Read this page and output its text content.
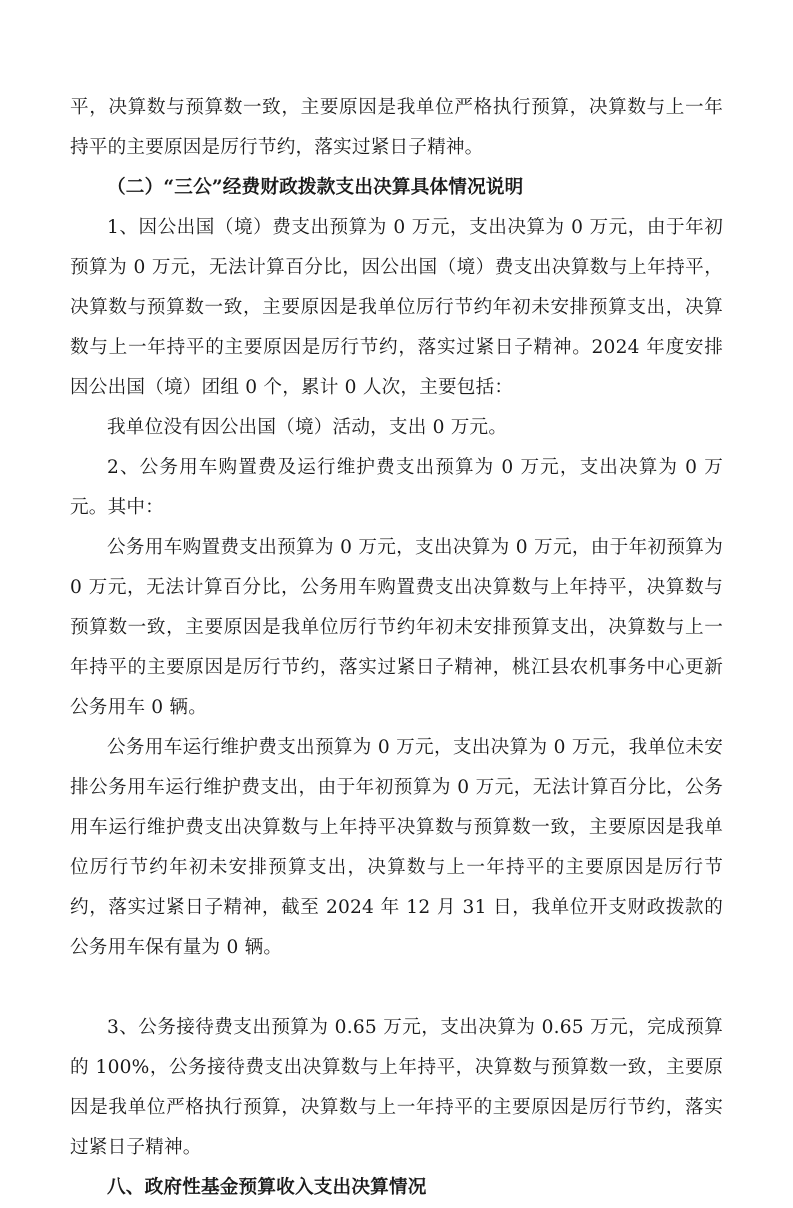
平，决算数与预算数一致，主要原因是我单位严格执行预算，决算数与上一年持平的主要原因是厉行节约，落实过紧日子精神。

（二）“三公”经费财政拨款支出决算具体情况说明

1、因公出国（境）费支出预算为 0 万元，支出决算为 0 万元，由于年初预算为 0 万元，无法计算百分比，因公出国（境）费支出决算数与上年持平，决算数与预算数一致，主要原因是我单位厉行节约年初未安排预算支出，决算数与上一年持平的主要原因是厉行节约，落实过紧日子精神。2024 年度安排因公出国（境）团组 0 个，累计 0 人次，主要包括：

我单位没有因公出国（境）活动，支出 0 万元。

2、公务用车购置费及运行维护费支出预算为 0 万元，支出决算为 0 万元。其中：

公务用车购置费支出预算为 0 万元，支出决算为 0 万元，由于年初预算为 0 万元，无法计算百分比，公务用车购置费支出决算数与上年持平，决算数与预算数一致，主要原因是我单位厉行节约年初未安排预算支出，决算数与上一年持平的主要原因是厉行节约，落实过紧日子精神，桃江县农机事务中心更新公务用车 0 辆。

公务用车运行维护费支出预算为 0 万元，支出决算为 0 万元，我单位未安排公务用车运行维护费支出，由于年初预算为 0 万元，无法计算百分比，公务用车运行维护费支出决算数与上年持平决算数与预算数一致，主要原因是我单位厉行节约年初未安排预算支出，决算数与上一年持平的主要原因是厉行节约，落实过紧日子精神，截至 2024 年 12 月 31 日，我单位开支财政拨款的公务用车保有量为 0 辆。

3、公务接待费支出预算为 0.65 万元，支出决算为 0.65 万元，完成预算的 100%，公务接待费支出决算数与上年持平，决算数与预算数一致，主要原因是我单位严格执行预算，决算数与上一年持平的主要原因是厉行节约，落实过紧日子精神。

八、政府性基金预算收入支出决算情况
